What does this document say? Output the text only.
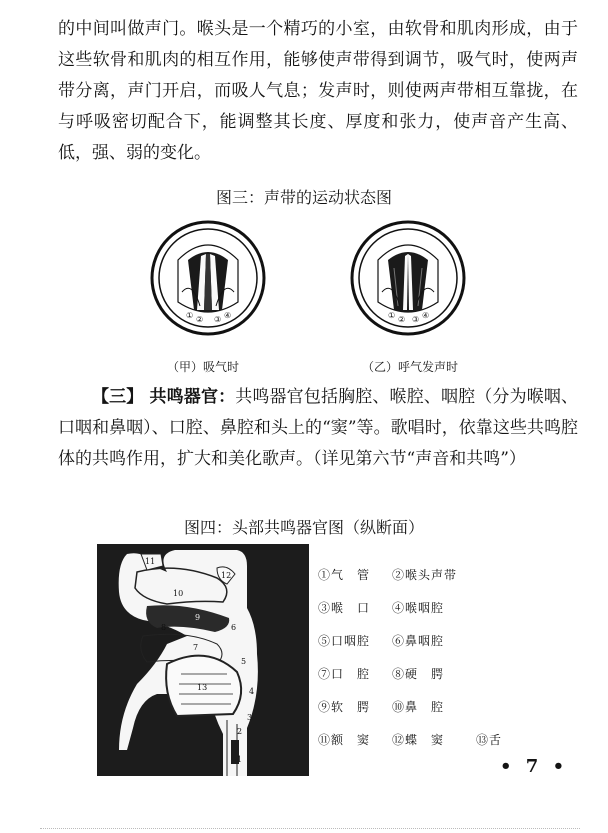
的中间叫做声门。喉头是一个精巧的小室，由软骨和肌肉形成，由于这些软骨和肌肉的相互作用，能够使声带得到调节，吸气时，使两声带分离，声门开启，而吸人气息；发声时，则使两声带相互靠拢，在与呼吸密切配合下，能调整其长度、厚度和张力，使声音产生高、低，强、弱的变化。

图三：声带的运动状态图

① ② ③ ④	① ② ③ ④
（甲）吸气时	（乙）呼气发声时

【三】 共鸣器官：共鸣器官包括胸腔、喉腔、咽腔（分为喉咽、口咽和鼻咽）、口腔、鼻腔和头上的“窦”等。歌唱时，依靠这些共鸣腔体的共鸣作用，扩大和美化歌声。（详见第六节“声音和共鸣”）

图四：头部共鸣器官图（纵断面）

11
12
10
9
8	6
7
5
4
13
3
2
1
①气　管 ②喉头声带
③喉　口 ④喉咽腔
⑤口咽腔 ⑥鼻咽腔
⑦口　腔 ⑧硬　腭
⑨软　腭 ⑩鼻　腔
⑪额　窦 ⑫蝶　窦	⑬舌
• 7 •
